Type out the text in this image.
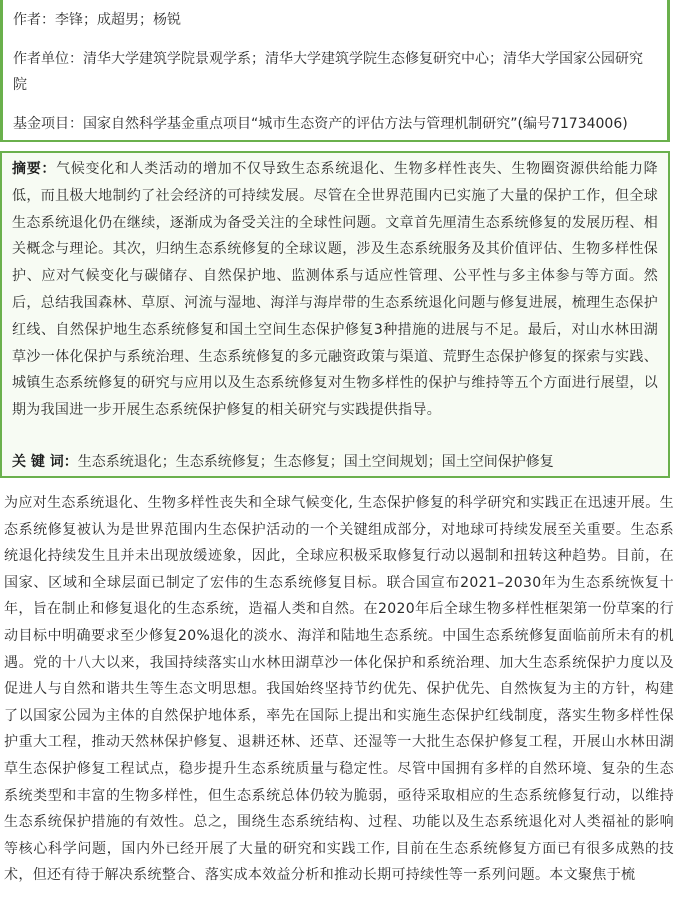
作者：李锋；成超男；杨锐
作者单位：清华大学建筑学院景观学系；清华大学建筑学院生态修复研究中心；清华大学国家公园研究院
基金项目：国家自然科学基金重点项目“城市生态资产的评估方法与管理机制研究”(编号71734006)
摘要：气候变化和人类活动的增加不仅导致生态系统退化、生物多样性丧失、生物圈资源供给能力降低，而且极大地制约了社会经济的可持续发展。尽管在全世界范围内已实施了大量的保护工作，但全球生态系统退化仍在继续，逐渐成为备受关注的全球性问题。文章首先厘清生态系统修复的发展历程、相关概念与理论。其次，归纳生态系统修复的全球议题，涉及生态系统服务及其价值评估、生物多样性保护、应对气候变化与碳储存、自然保护地、监测体系与适应性管理、公平性与多主体参与等方面。然后，总结我国森林、草原、河流与湿地、海洋与海岸带的生态系统退化问题与修复进展，梳理生态保护红线、自然保护地生态系统修复和国土空间生态保护修复3种措施的进展与不足。最后，对山水林田湖草沙一体化保护与系统治理、生态系统修复的多元融资政策与渠道、荒野生态保护修复的探索与实践、城镇生态系统修复的研究与应用以及生态系统修复对生物多样性的保护与维持等五个方面进行展望，以期为我国进一步开展生态系统保护修复的相关研究与实践提供指导。
关 键 词：生态系统退化；生态系统修复；生态修复；国土空间规划；国土空间保护修复
为应对生态系统退化、生物多样性丧失和全球气候变化, 生态保护修复的科学研究和实践正在迅速开展。生态系统修复被认为是世界范围内生态保护活动的一个关键组成部分，对地球可持续发展至关重要。生态系统退化持续发生且并未出现放缓迹象，因此，全球应积极采取修复行动以遏制和扭转这种趋势。目前，在国家、区域和全球层面已制定了宏伟的生态系统修复目标。联合国宣布2021–2030年为生态系统恢复十年，旨在制止和修复退化的生态系统，造福人类和自然。在2020年后全球生物多样性框架第一份草案的行动目标中明确要求至少修复20%退化的淡水、海洋和陆地生态系统。中国生态系统修复面临前所未有的机遇。党的十八大以来，我国持续落实山水林田湖草沙一体化保护和系统治理、加大生态系统保护力度以及促进人与自然和谐共生等生态文明思想。我国始终坚持节约优先、保护优先、自然恢复为主的方针，构建了以国家公园为主体的自然保护地体系，率先在国际上提出和实施生态保护红线制度，落实生物多样性保护重大工程，推动天然林保护修复、退耕还林、还草、还湿等一大批生态保护修复工程，开展山水林田湖草生态保护修复工程试点，稳步提升生态系统质量与稳定性。尽管中国拥有多样的自然环境、复杂的生态系统类型和丰富的生物多样性，但生态系统总体仍较为脆弱，亟待采取相应的生态系统修复行动，以维持生态系统保护措施的有效性。总之，围绕生态系统结构、过程、功能以及生态系统退化对人类福祉的影响等核心科学问题，国内外已经开展了大量的研究和实践工作, 目前在生态系统修复方面已有很多成熟的技术，但还有待于解决系统整合、落实成本效益分析和推动长期可持续性等一系列问题。本文聚焦于梳
